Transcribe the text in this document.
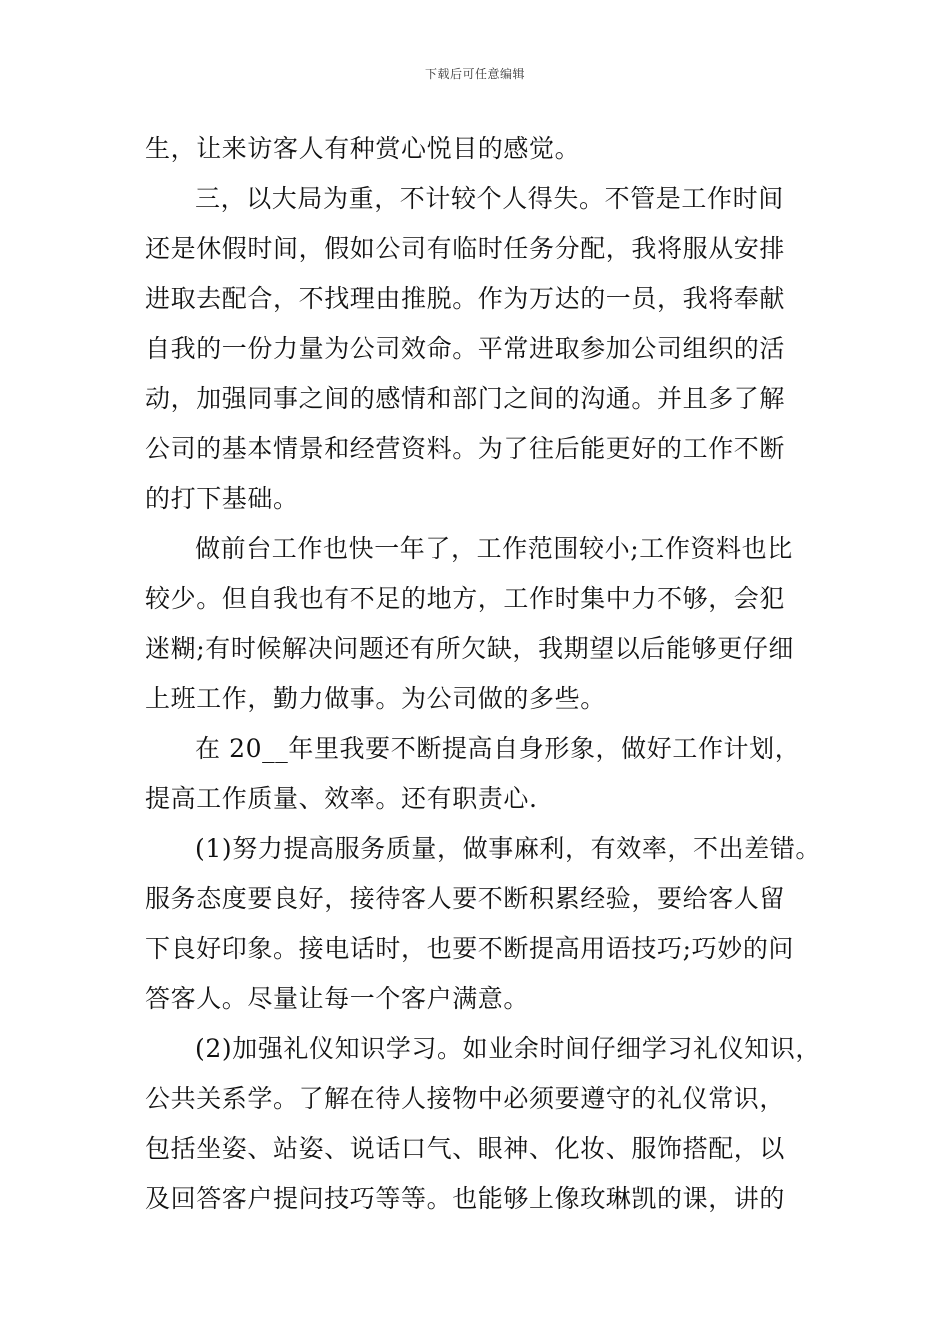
下载后可任意编辑
生，让来访客人有种赏心悦目的感觉。
三，以大局为重，不计较个人得失。不管是工作时间
还是休假时间，假如公司有临时任务分配，我将服从安排
进取去配合，不找理由推脱。作为万达的一员，我将奉献
自我的一份力量为公司效命。平常进取参加公司组织的活
动，加强同事之间的感情和部门之间的沟通。并且多了解
公司的基本情景和经营资料。为了往后能更好的工作不断
的打下基础。
做前台工作也快一年了，工作范围较小;工作资料也比
较少。但自我也有不足的地方，工作时集中力不够，会犯
迷糊;有时候解决问题还有所欠缺，我期望以后能够更仔细
上班工作，勤力做事。为公司做的多些。
在 20__年里我要不断提高自身形象，做好工作计划，
提高工作质量、效率。还有职责心.
(1)努力提高服务质量，做事麻利，有效率，不出差错。
服务态度要良好，接待客人要不断积累经验，要给客人留
下良好印象。接电话时，也要不断提高用语技巧;巧妙的问
答客人。尽量让每一个客户满意。
(2)加强礼仪知识学习。如业余时间仔细学习礼仪知识，
公共关系学。了解在待人接物中必须要遵守的礼仪常识，
包括坐姿、站姿、说话口气、眼神、化妆、服饰搭配，以
及回答客户提问技巧等等。也能够上像玫琳凯的课，讲的
